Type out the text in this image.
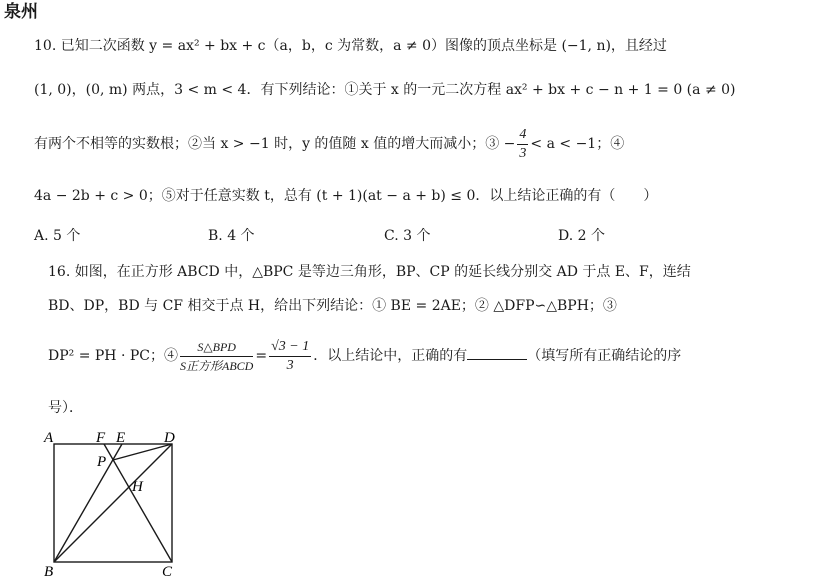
泉州
10. 已知二次函数 y = ax² + bx + c（a，b，c 为常数，a ≠ 0）图像的顶点坐标是 (−1, n)，且经过
(1, 0)，(0, m) 两点，3 < m < 4．有下列结论：①关于 x 的一元二次方程 ax² + bx + c − n + 1 = 0 (a ≠ 0)
有两个不相等的实数根；②当 x > −1 时，y 的值随 x 值的增大而减小；③ − $\frac{4}{3} < a < -1$；④
4a − 2b + c > 0；⑤对于任意实数 t，总有 (t + 1)(at − a + b) ≤ 0．以上结论正确的有（　　）
A. 5 个	B. 4 个	C. 3 个	D. 2 个
16. 如图，在正方形 ABCD 中，△BPC 是等边三角形，BP、CP 的延长线分别交 AD 于点 E、F，连结
BD、DP，BD 与 CF 相交于点 H，给出下列结论：① BE = 2AE；② △DFP∽△BPH；③
DP² = PH · PC；④ $\frac{\text{S△BPD}}{\text{S正方形ABCD}} = \frac{√3 - 1}{3}$ ．以上结论中，正确的有	（填写所有正确结论的序
号）．
A	F E	D
P
H
B	C
